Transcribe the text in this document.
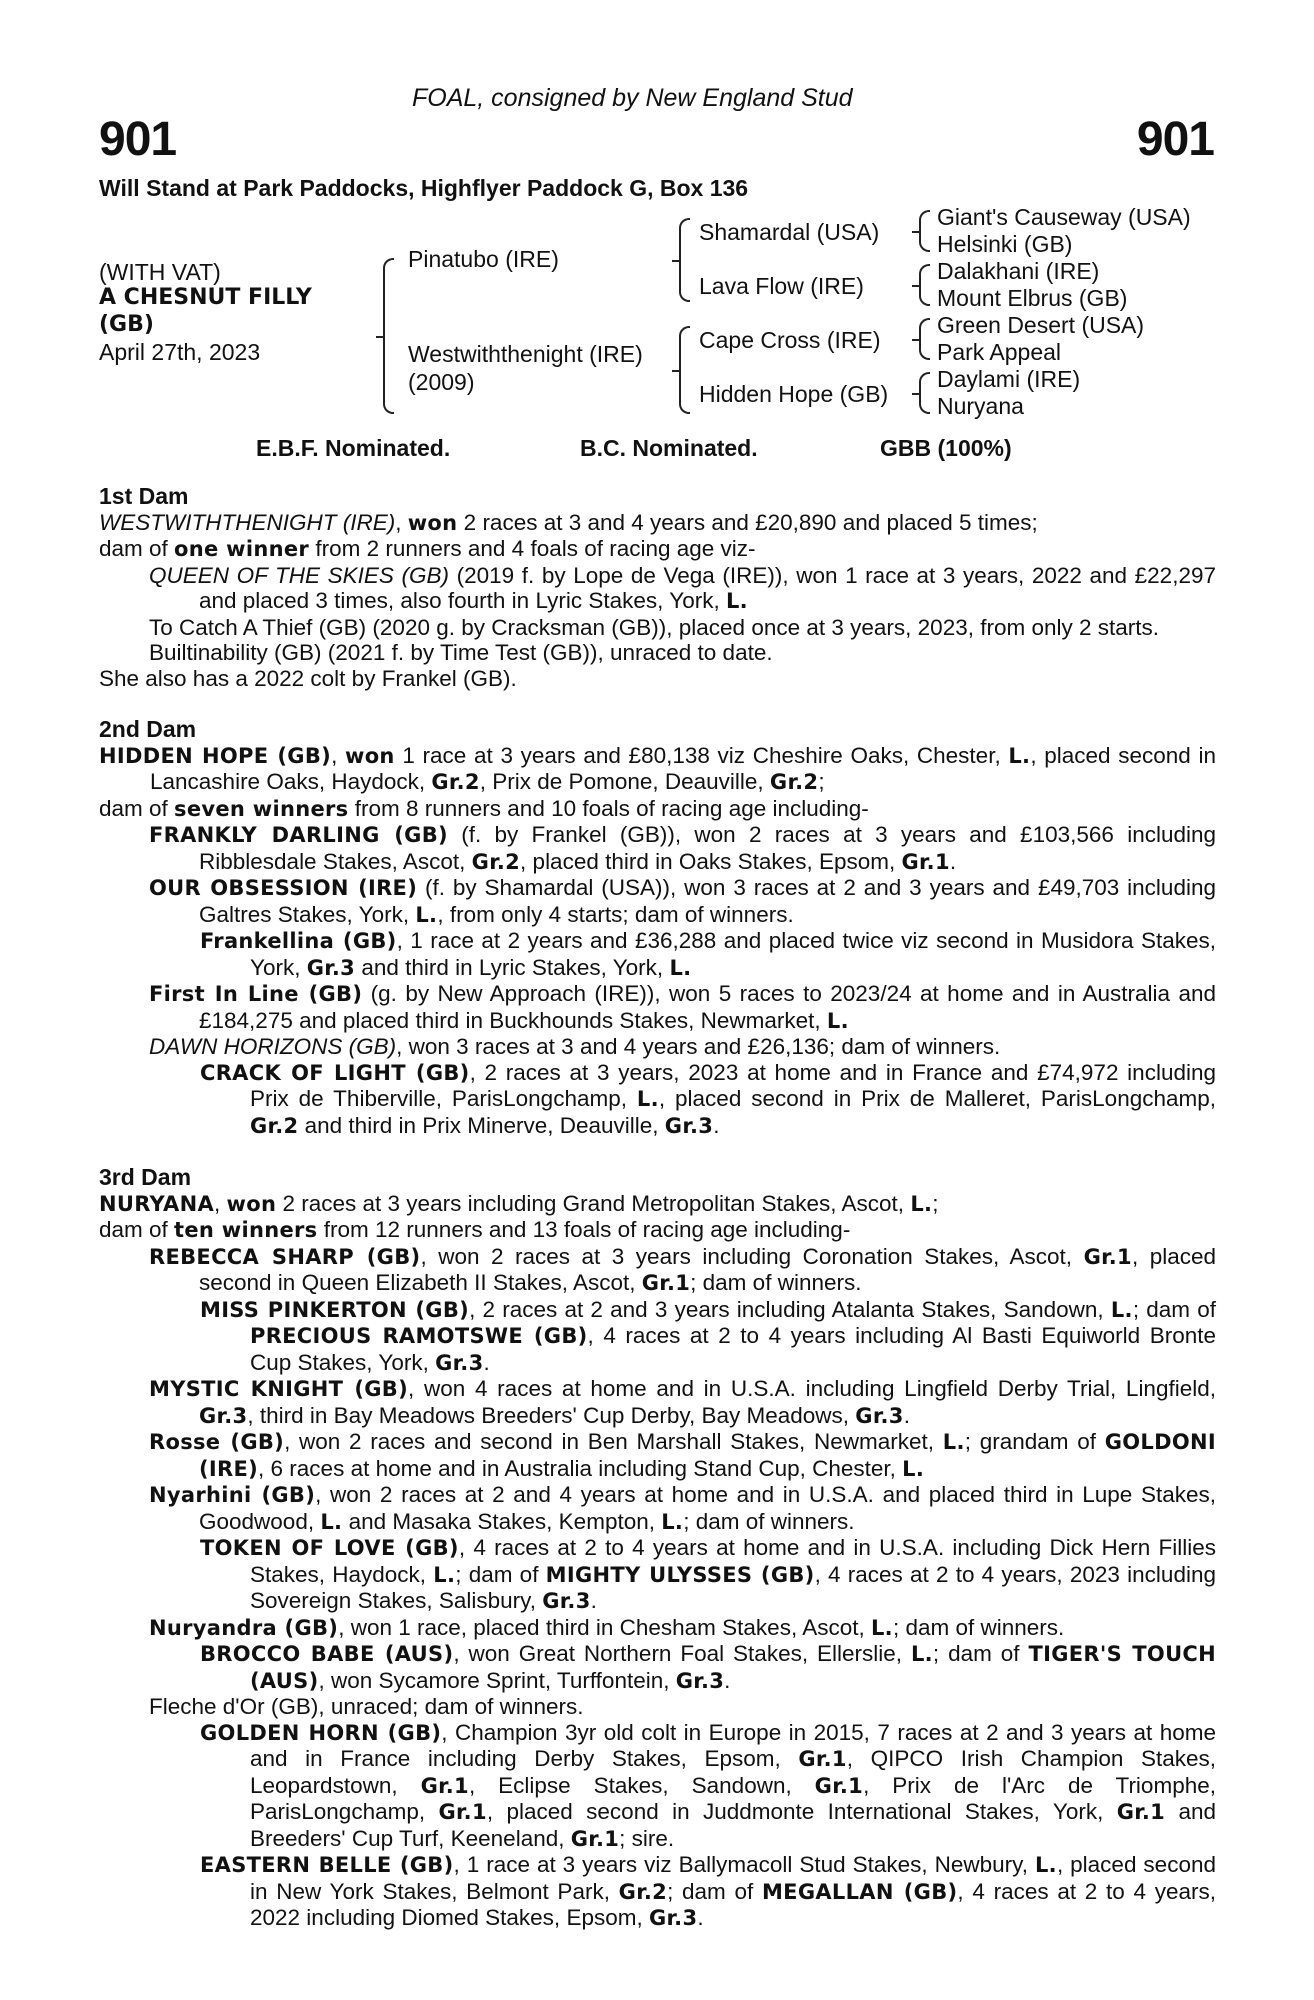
FOAL, consigned by New England Stud
901	901
Will Stand at Park Paddocks, Highflyer Paddock G, Box 136
(WITH VAT)
A CHESNUT FILLY
(GB)
April 27th, 2023
Pinatubo (IRE)
Westwiththenight (IRE)
(2009)
Shamardal (USA)
Lava Flow (IRE)
Cape Cross (IRE)
Hidden Hope (GB)
Giant's Causeway (USA)
Helsinki (GB)
Dalakhani (IRE)
Mount Elbrus (GB)
Green Desert (USA)
Park Appeal
Daylami (IRE)
Nuryana
E.B.F. Nominated.	B.C. Nominated.	GBB (100%)

1st Dam

WESTWITHTHENIGHT (IRE), won 2 races at 3 and 4 years and £20,890 and placed 5 times;

dam of one winner from 2 runners and 4 foals of racing age viz-

QUEEN OF THE SKIES (GB) (2019 f. by Lope de Vega (IRE)), won 1 race at 3 years, 2022 and £22,297 and placed 3 times, also fourth in Lyric Stakes, York, L.

To Catch A Thief (GB) (2020 g. by Cracksman (GB)), placed once at 3 years, 2023, from only 2 starts.

Builtinability (GB) (2021 f. by Time Test (GB)), unraced to date.

She also has a 2022 colt by Frankel (GB).

2nd Dam

HIDDEN HOPE (GB), won 1 race at 3 years and £80,138 viz Cheshire Oaks, Chester, L., placed second in Lancashire Oaks, Haydock, Gr.2, Prix de Pomone, Deauville, Gr.2;

dam of seven winners from 8 runners and 10 foals of racing age including-

FRANKLY DARLING (GB) (f. by Frankel (GB)), won 2 races at 3 years and £103,566 including Ribblesdale Stakes, Ascot, Gr.2, placed third in Oaks Stakes, Epsom, Gr.1.

OUR OBSESSION (IRE) (f. by Shamardal (USA)), won 3 races at 2 and 3 years and £49,703 including Galtres Stakes, York, L., from only 4 starts; dam of winners.

Frankellina (GB), 1 race at 2 years and £36,288 and placed twice viz second in Musidora Stakes, York, Gr.3 and third in Lyric Stakes, York, L.

First In Line (GB) (g. by New Approach (IRE)), won 5 races to 2023/24 at home and in Australia and £184,275 and placed third in Buckhounds Stakes, Newmarket, L.

DAWN HORIZONS (GB), won 3 races at 3 and 4 years and £26,136; dam of winners.

CRACK OF LIGHT (GB), 2 races at 3 years, 2023 at home and in France and £74,972 including Prix de Thiberville, ParisLongchamp, L., placed second in Prix de Malleret, ParisLongchamp, Gr.2 and third in Prix Minerve, Deauville, Gr.3.

3rd Dam

NURYANA, won 2 races at 3 years including Grand Metropolitan Stakes, Ascot, L.;

dam of ten winners from 12 runners and 13 foals of racing age including-

REBECCA SHARP (GB), won 2 races at 3 years including Coronation Stakes, Ascot, Gr.1, placed second in Queen Elizabeth II Stakes, Ascot, Gr.1; dam of winners.

MISS PINKERTON (GB), 2 races at 2 and 3 years including Atalanta Stakes, Sandown, L.; dam of PRECIOUS RAMOTSWE (GB), 4 races at 2 to 4 years including Al Basti Equiworld Bronte Cup Stakes, York, Gr.3.

MYSTIC KNIGHT (GB), won 4 races at home and in U.S.A. including Lingfield Derby Trial, Lingfield, Gr.3, third in Bay Meadows Breeders' Cup Derby, Bay Meadows, Gr.3.

Rosse (GB), won 2 races and second in Ben Marshall Stakes, Newmarket, L.; grandam of GOLDONI (IRE), 6 races at home and in Australia including Stand Cup, Chester, L.

Nyarhini (GB), won 2 races at 2 and 4 years at home and in U.S.A. and placed third in Lupe Stakes, Goodwood, L. and Masaka Stakes, Kempton, L.; dam of winners.

TOKEN OF LOVE (GB), 4 races at 2 to 4 years at home and in U.S.A. including Dick Hern Fillies Stakes, Haydock, L.; dam of MIGHTY ULYSSES (GB), 4 races at 2 to 4 years, 2023 including Sovereign Stakes, Salisbury, Gr.3.

Nuryandra (GB), won 1 race, placed third in Chesham Stakes, Ascot, L.; dam of winners.

BROCCO BABE (AUS), won Great Northern Foal Stakes, Ellerslie, L.; dam of TIGER'S TOUCH (AUS), won Sycamore Sprint, Turffontein, Gr.3.

Fleche d'Or (GB), unraced; dam of winners.

GOLDEN HORN (GB), Champion 3yr old colt in Europe in 2015, 7 races at 2 and 3 years at home and in France including Derby Stakes, Epsom, Gr.1, QIPCO Irish Champion Stakes, Leopardstown, Gr.1, Eclipse Stakes, Sandown, Gr.1, Prix de l'Arc de Triomphe, ParisLongchamp, Gr.1, placed second in Juddmonte International Stakes, York, Gr.1 and Breeders' Cup Turf, Keeneland, Gr.1; sire.

EASTERN BELLE (GB), 1 race at 3 years viz Ballymacoll Stud Stakes, Newbury, L., placed second in New York Stakes, Belmont Park, Gr.2; dam of MEGALLAN (GB), 4 races at 2 to 4 years, 2022 including Diomed Stakes, Epsom, Gr.3.
